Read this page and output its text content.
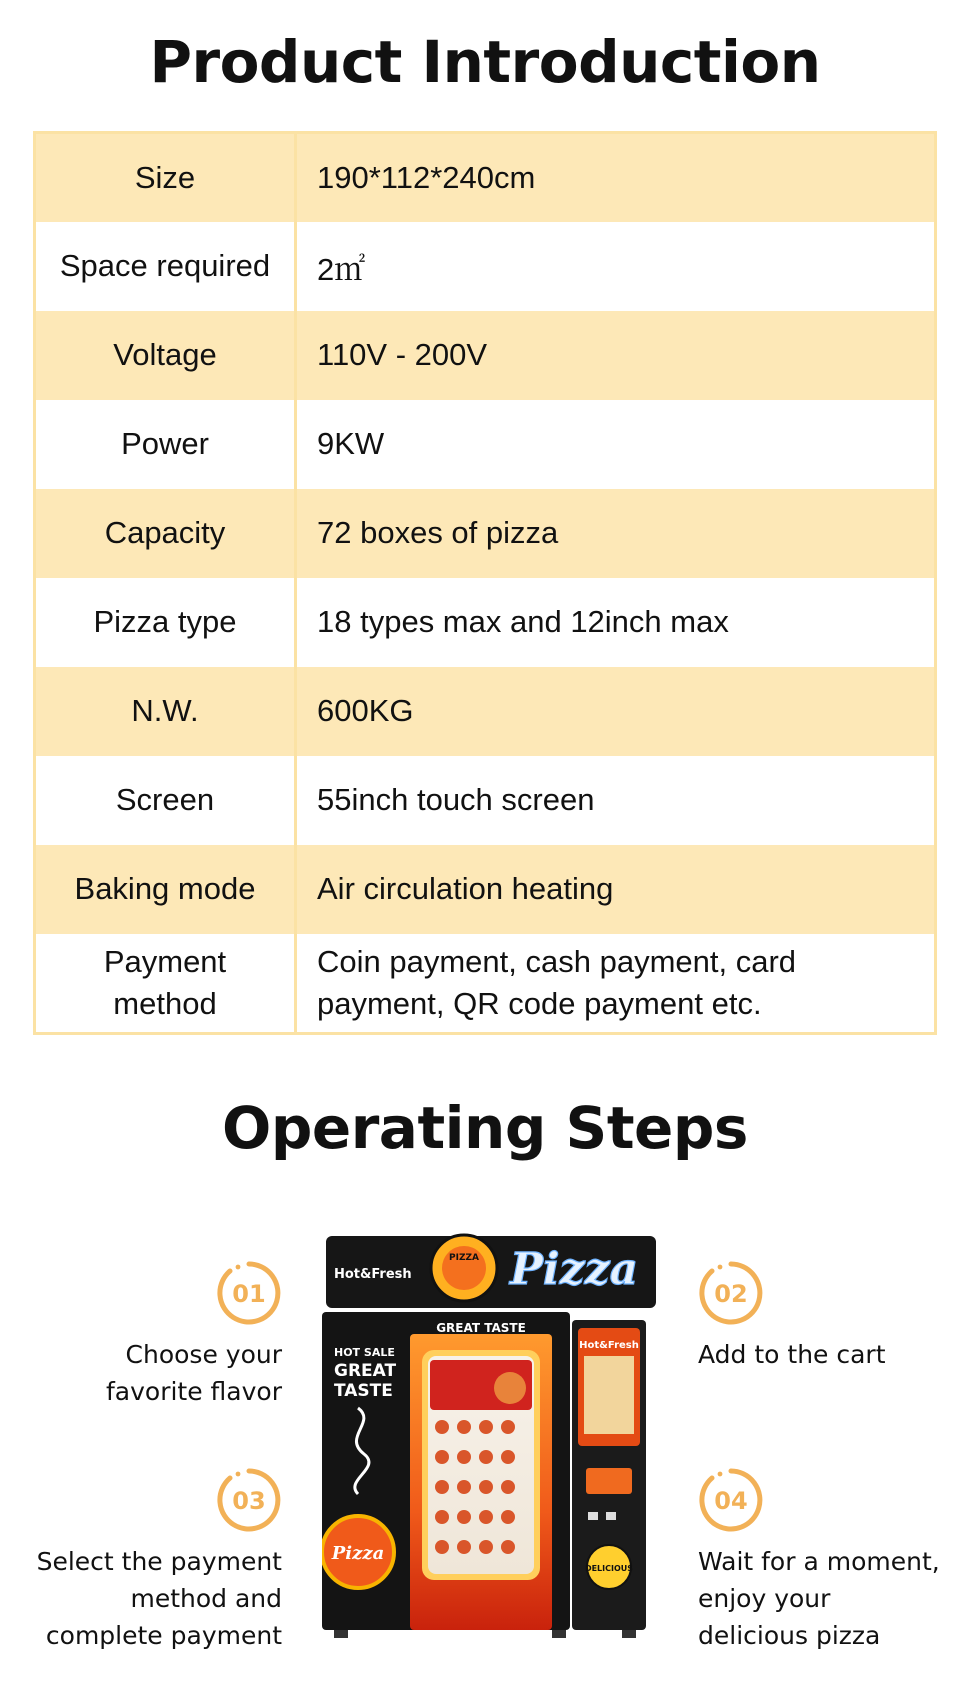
Product Introduction
Size	190*112*240cm
Space required	2㎡
Voltage	110V - 200V
Power	9KW
Capacity	72 boxes of pizza
Pizza type	18 types max and 12inch max
N.W.	600KG
Screen	55inch touch screen
Baking mode	Air circulation heating
Payment
method	Coin payment, cash payment, card
payment, QR code payment etc.
Operating Steps
01	02
03	04
Choose your
favorite flavor
Add to the cart
Select the payment
method and
complete payment
Wait for a moment,
enjoy your
delicious pizza
Hot&Fresh
PIZZA Pizza
GREAT TASTE
HOT SALE
GREAT
TASTE
Pizza
Hot&Fresh
DELICIOUS
